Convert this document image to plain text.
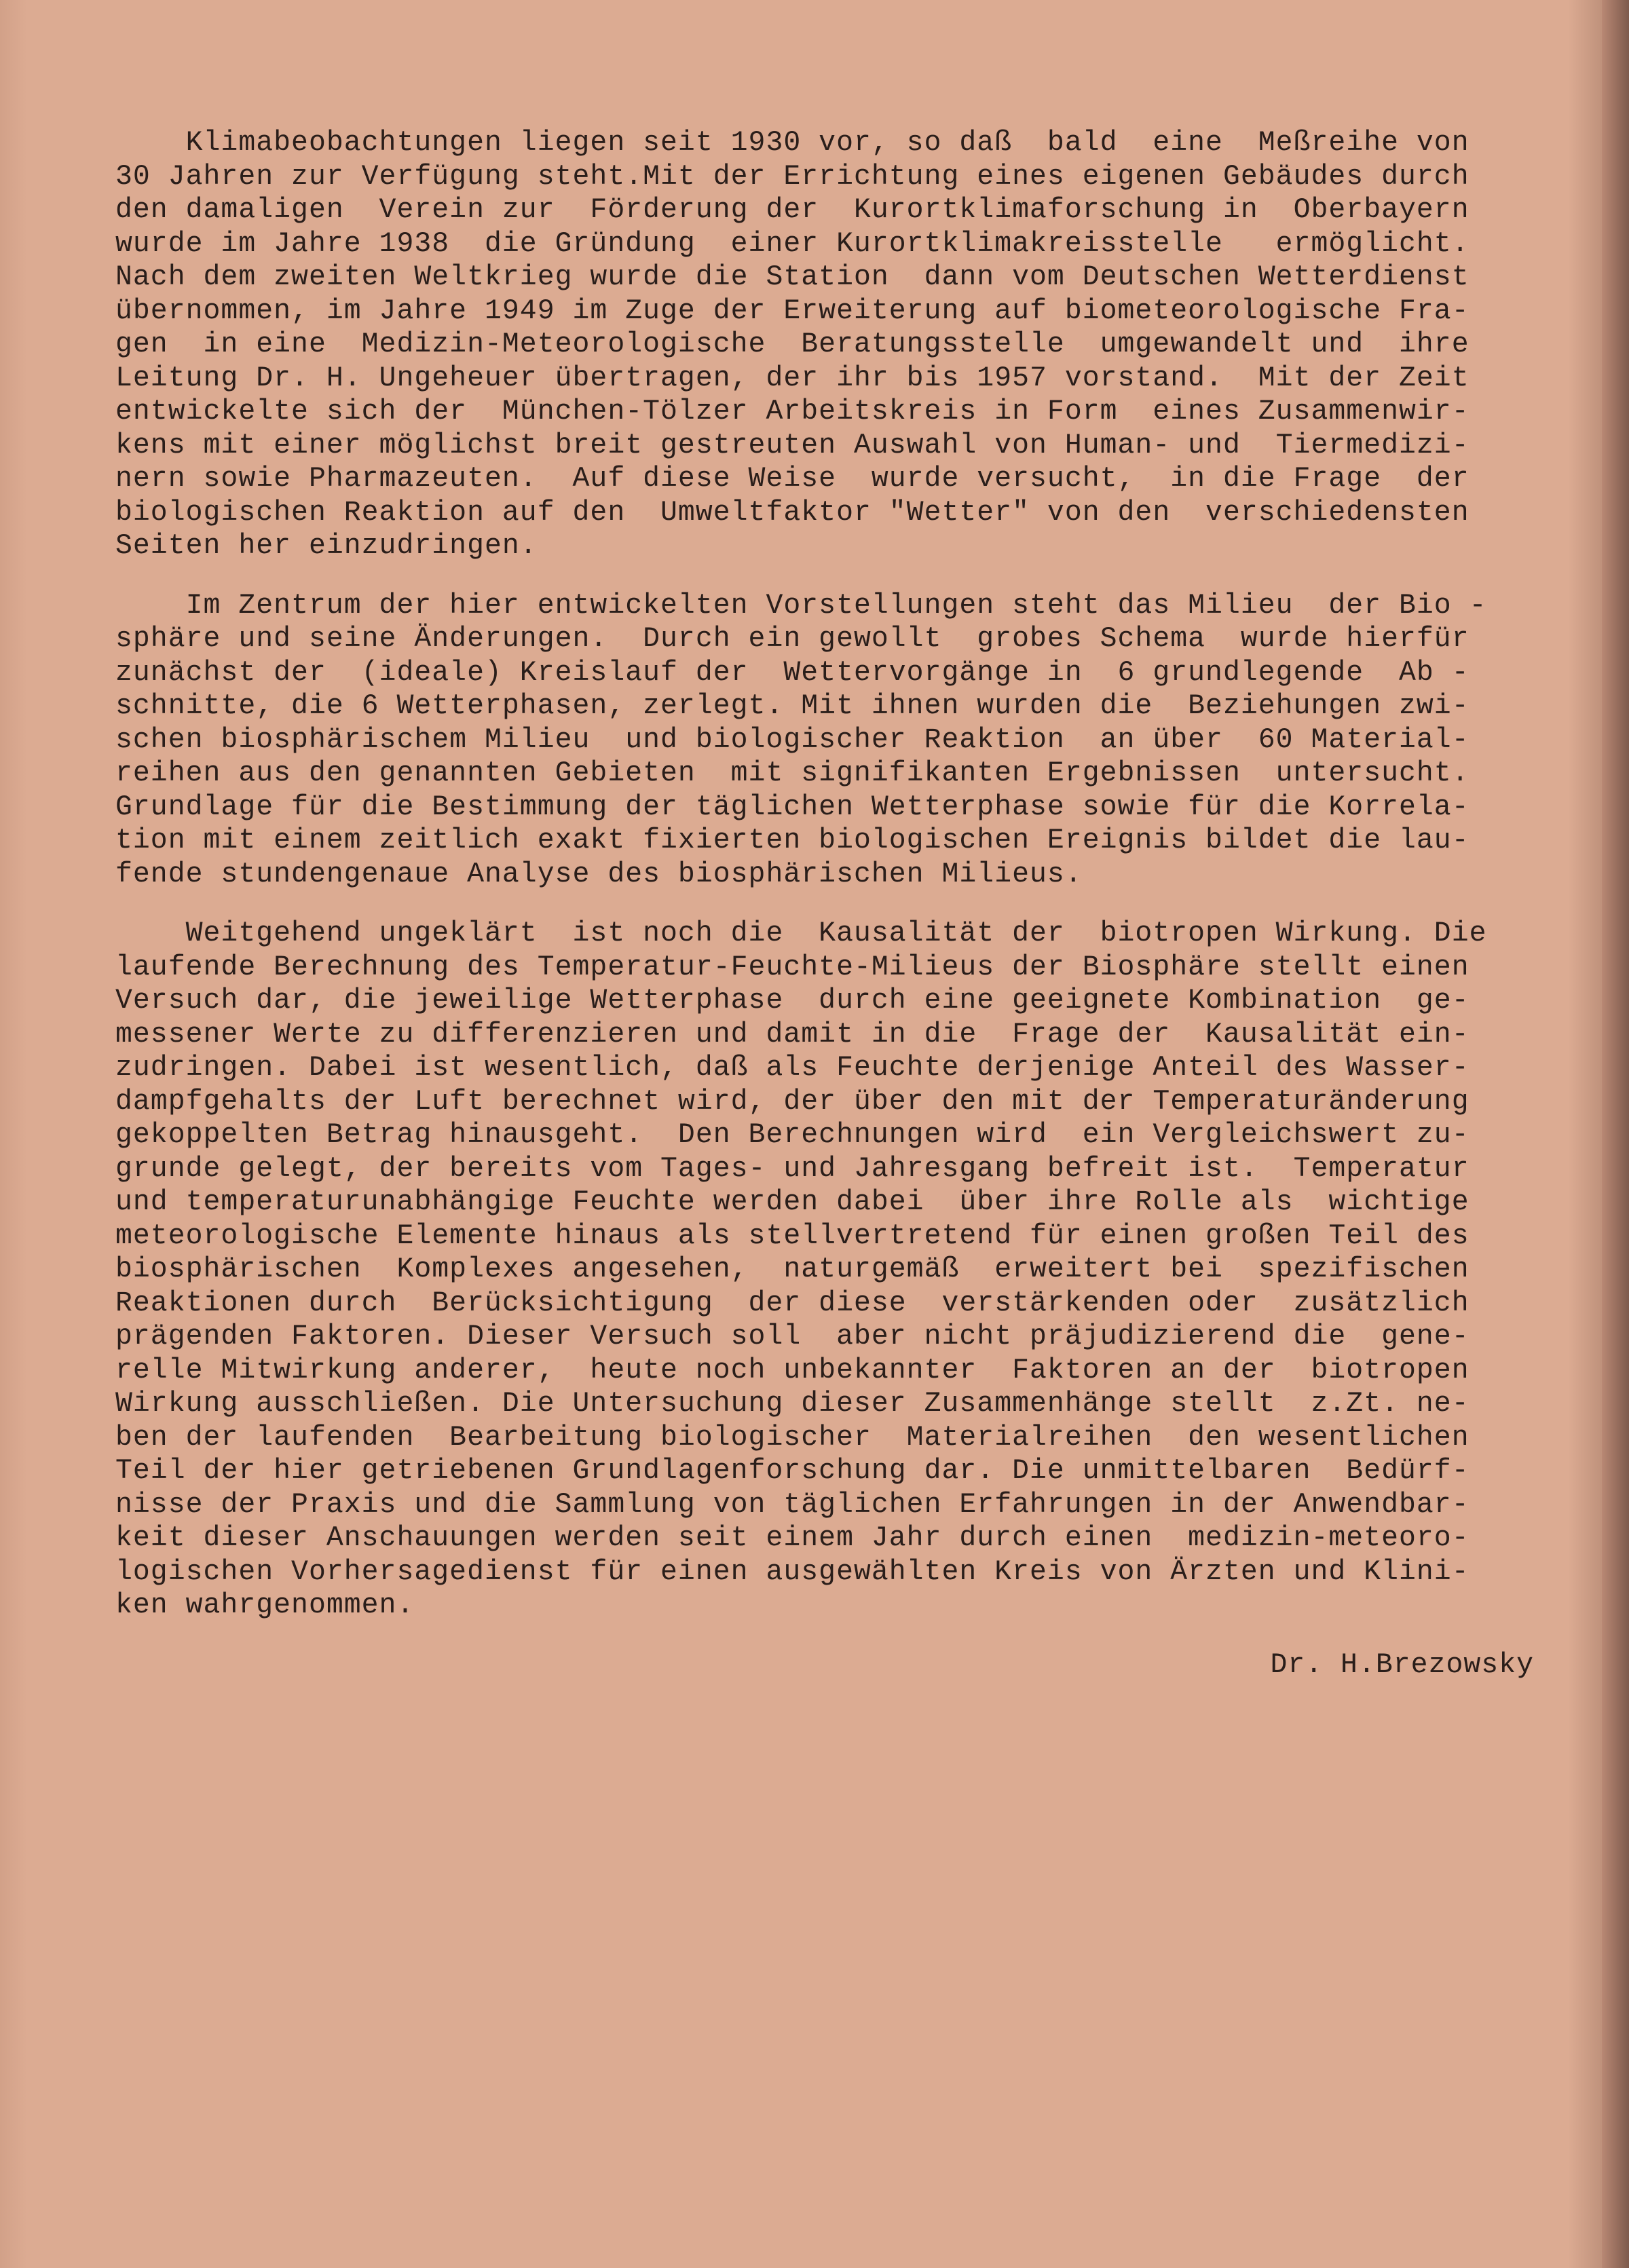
Klimabeobachtungen liegen seit 1930 vor, so daß  bald  eine  Meßreihe von
30 Jahren zur Verfügung steht.Mit der Errichtung eines eigenen Gebäudes durch
den damaligen  Verein zur  Förderung der  Kurortklimaforschung in  Oberbayern
wurde im Jahre 1938  die Gründung  einer Kurortklimakreisstelle   ermöglicht.
Nach dem zweiten Weltkrieg wurde die Station  dann vom Deutschen Wetterdienst
übernommen, im Jahre 1949 im Zuge der Erweiterung auf biometeorologische Fra-
gen  in eine  Medizin-Meteorologische  Beratungsstelle  umgewandelt und  ihre
Leitung Dr. H. Ungeheuer übertragen, der ihr bis 1957 vorstand.  Mit der Zeit
entwickelte sich der  München-Tölzer Arbeitskreis in Form  eines Zusammenwir-
kens mit einer möglichst breit gestreuten Auswahl von Human- und  Tiermedizi-
nern sowie Pharmazeuten.  Auf diese Weise  wurde versucht,  in die Frage  der
biologischen Reaktion auf den  Umweltfaktor "Wetter" von den  verschiedensten
Seiten her einzudringen.
Im Zentrum der hier entwickelten Vorstellungen steht das Milieu  der Bio -
sphäre und seine Änderungen.  Durch ein gewollt  grobes Schema  wurde hierfür
zunächst der  (ideale) Kreislauf der  Wettervorgänge in  6 grundlegende  Ab -
schnitte, die 6 Wetterphasen, zerlegt. Mit ihnen wurden die  Beziehungen zwi-
schen biosphärischem Milieu  und biologischer Reaktion  an über  60 Material-
reihen aus den genannten Gebieten  mit signifikanten Ergebnissen  untersucht.
Grundlage für die Bestimmung der täglichen Wetterphase sowie für die Korrela-
tion mit einem zeitlich exakt fixierten biologischen Ereignis bildet die lau-
fende stundengenaue Analyse des biosphärischen Milieus.
Weitgehend ungeklärt  ist noch die  Kausalität der  biotropen Wirkung. Die
laufende Berechnung des Temperatur-Feuchte-Milieus der Biosphäre stellt einen
Versuch dar, die jeweilige Wetterphase  durch eine geeignete Kombination  ge-
messener Werte zu differenzieren und damit in die  Frage der  Kausalität ein-
zudringen. Dabei ist wesentlich, daß als Feuchte derjenige Anteil des Wasser-
dampfgehalts der Luft berechnet wird, der über den mit der Temperaturänderung
gekoppelten Betrag hinausgeht.  Den Berechnungen wird  ein Vergleichswert zu-
grunde gelegt, der bereits vom Tages- und Jahresgang befreit ist.  Temperatur
und temperaturunabhängige Feuchte werden dabei  über ihre Rolle als  wichtige
meteorologische Elemente hinaus als stellvertretend für einen großen Teil des
biosphärischen  Komplexes angesehen,  naturgemäß  erweitert bei  spezifischen
Reaktionen durch  Berücksichtigung  der diese  verstärkenden oder  zusätzlich
prägenden Faktoren. Dieser Versuch soll  aber nicht präjudizierend die  gene-
relle Mitwirkung anderer,  heute noch unbekannter  Faktoren an der  biotropen
Wirkung ausschließen. Die Untersuchung dieser Zusammenhänge stellt  z.Zt. ne-
ben der laufenden  Bearbeitung biologischer  Materialreihen  den wesentlichen
Teil der hier getriebenen Grundlagenforschung dar. Die unmittelbaren  Bedürf-
nisse der Praxis und die Sammlung von täglichen Erfahrungen in der Anwendbar-
keit dieser Anschauungen werden seit einem Jahr durch einen  medizin-meteoro-
logischen Vorhersagedienst für einen ausgewählten Kreis von Ärzten und Klini-
ken wahrgenommen.
Dr. H.Brezowsky
